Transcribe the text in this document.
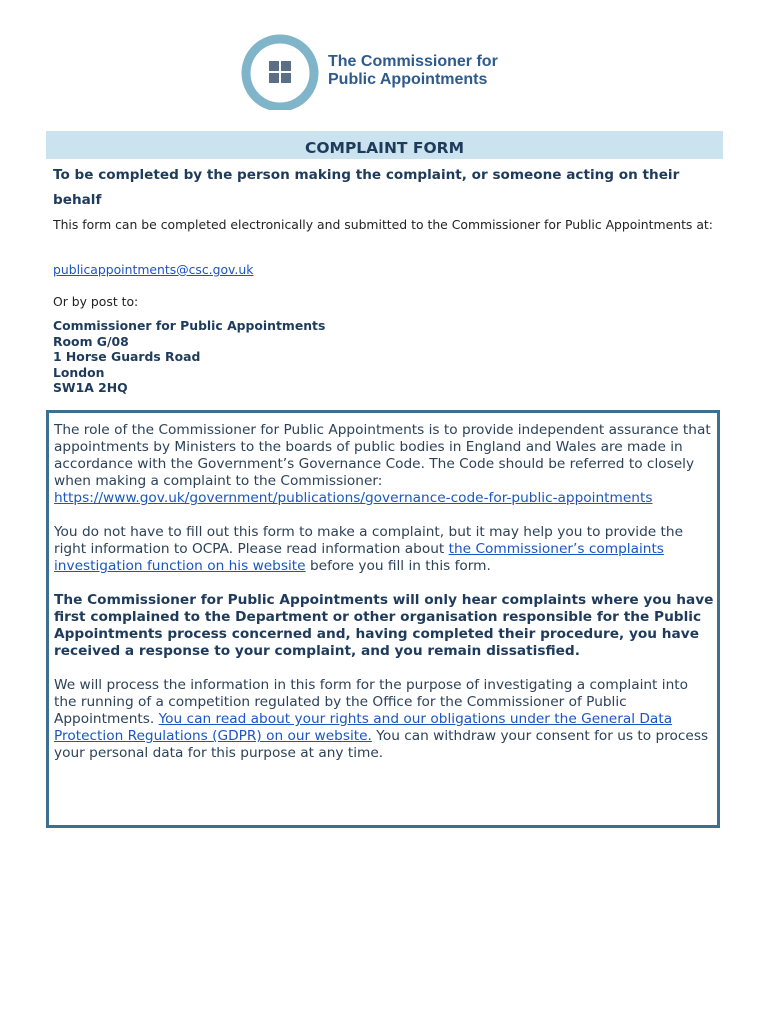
The Commissioner for
Public Appointments
COMPLAINT FORM
To be completed by the person making the complaint, or someone acting on their behalf
This form can be completed electronically and submitted to the Commissioner for Public Appointments at:
publicappointments@csc.gov.uk
Or by post to:
Commissioner for Public Appointments
Room G/08
1 Horse Guards Road
London
SW1A 2HQ

The role of the Commissioner for Public Appointments is to provide independent assurance that appointments by Ministers to the boards of public bodies in England and Wales are made in accordance with the Government’s Governance Code. The Code should be referred to closely when making a complaint to the Commissioner: https://www.gov.uk/government/publications/governance-code-for-public-appointments

You do not have to fill out this form to make a complaint, but it may help you to provide the right information to OCPA. Please read information about the Commissioner’s complaints investigation function on his website before you fill in this form.

The Commissioner for Public Appointments will only hear complaints where you have first complained to the Department or other organisation responsible for the Public Appointments process concerned and, having completed their procedure, you have received a response to your complaint, and you remain dissatisfied.

We will process the information in this form for the purpose of investigating a complaint into the running of a competition regulated by the Office for the Commissioner of Public Appointments. You can read about your rights and our obligations under the General Data Protection Regulations (GDPR) on our website. You can withdraw your consent for us to process your personal data for this purpose at any time.
